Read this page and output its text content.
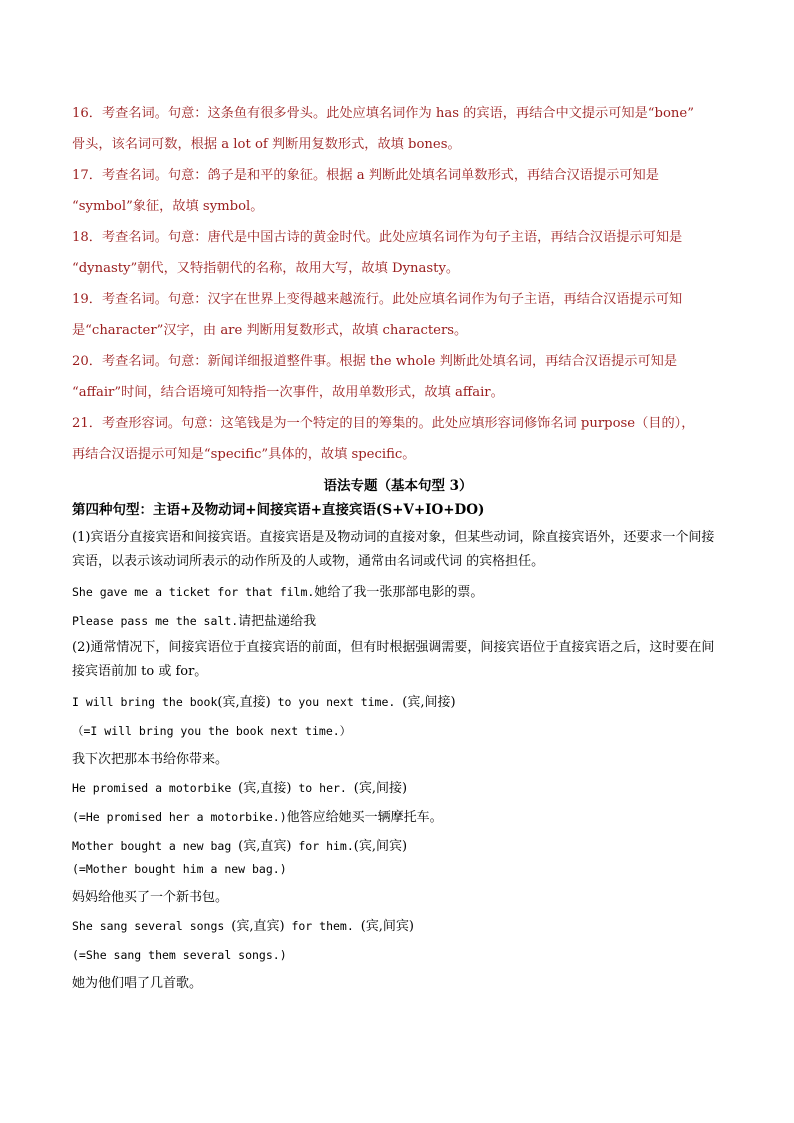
16．考查名词。句意：这条鱼有很多骨头。此处应填名词作为 has 的宾语，再结合中文提示可知是“bone”
骨头，该名词可数，根据 a lot of 判断用复数形式，故填 bones。
17．考查名词。句意：鸽子是和平的象征。根据 a 判断此处填名词单数形式，再结合汉语提示可知是
“symbol”象征，故填 symbol。
18．考查名词。句意：唐代是中国古诗的黄金时代。此处应填名词作为句子主语，再结合汉语提示可知是
“dynasty”朝代，又特指朝代的名称，故用大写，故填 Dynasty。
19．考查名词。句意：汉字在世界上变得越来越流行。此处应填名词作为句子主语，再结合汉语提示可知
是“character”汉字，由 are 判断用复数形式，故填 characters。
20．考查名词。句意：新闻详细报道整件事。根据 the whole 判断此处填名词，再结合汉语提示可知是
“affair”时间，结合语境可知特指一次事件，故用单数形式，故填 affair。
21．考查形容词。句意：这笔钱是为一个特定的目的筹集的。此处应填形容词修饰名词 purpose（目的），
再结合汉语提示可知是“specific”具体的，故填 specific。
语法专题（基本句型 3）
第四种句型：主语+及物动词+间接宾语+直接宾语(S+V+IO+DO)
(1)宾语分直接宾语和间接宾语。直接宾语是及物动词的直接对象，但某些动词，除直接宾语外，还要求一个间接宾语，以表示该动词所表示的动作所及的人或物，通常由名词或代词 的宾格担任。
She gave me a ticket for that film.她给了我一张那部电影的票。
Please pass me the salt.请把盐递给我
(2)通常情况下，间接宾语位于直接宾语的前面，但有时根据强调需要，间接宾语位于直接宾语之后，这时要在间接宾语前加 to 或 for。
I will bring the book(宾,直接) to you next time. (宾,间接)
（=I will bring you the book next time.）
我下次把那本书给你带来。
He promised a motorbike (宾,直接) to her. (宾,间接)
(=He promised her a motorbike.)他答应给她买一辆摩托车。
Mother bought a new bag (宾,直宾) for him.(宾,间宾)
(=Mother bought him a new bag.)
妈妈给他买了一个新书包。
She sang several songs (宾,直宾) for them. (宾,间宾)
(=She sang them several songs.)
她为他们唱了几首歌。
